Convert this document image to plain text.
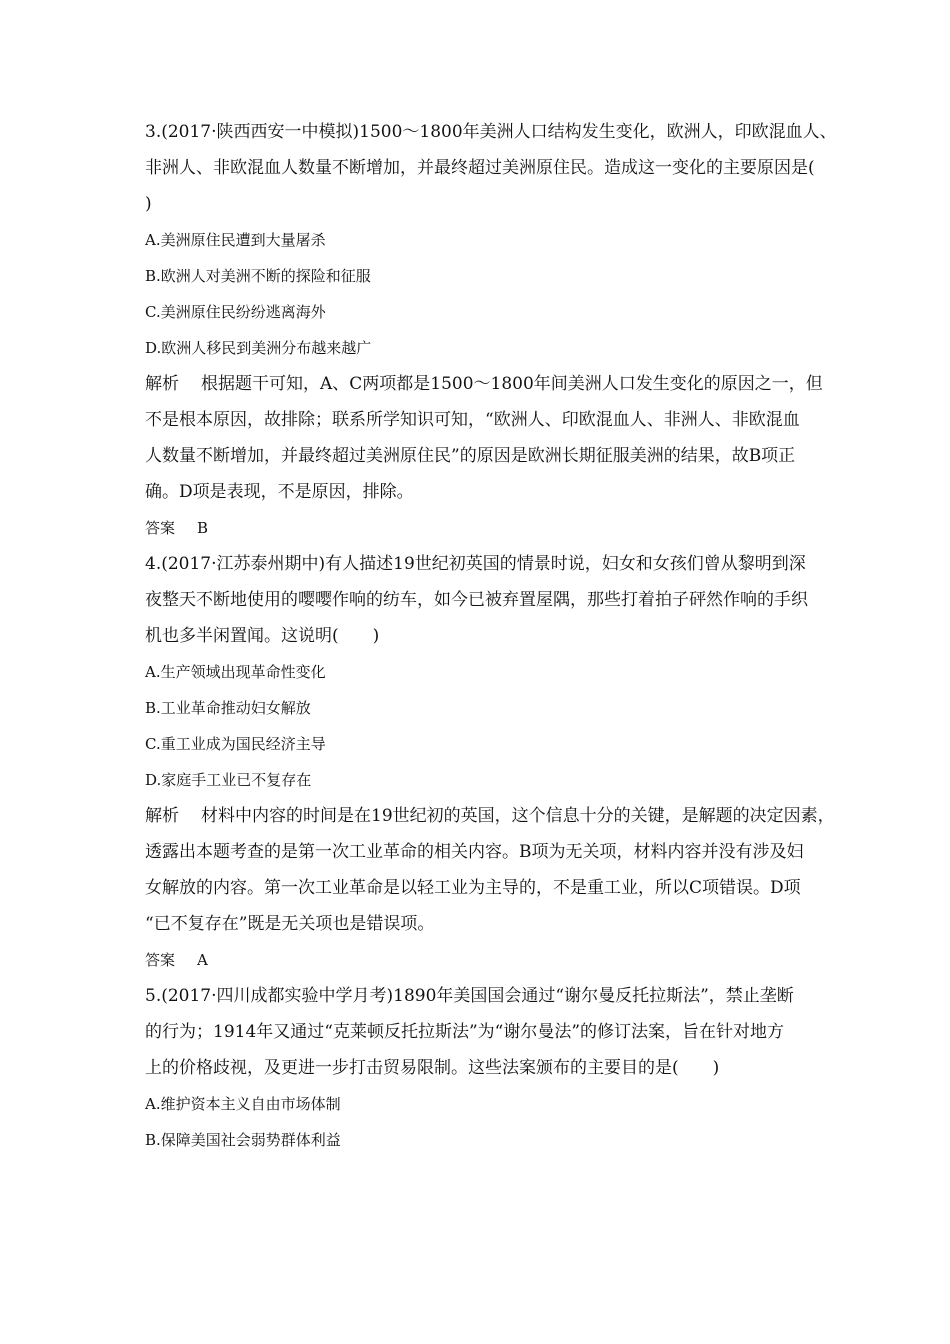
3.(2017·陕西西安一中模拟)1500～1800年美洲人口结构发生变化，欧洲人，印欧混血人、

非洲人、非欧混血人数量不断增加，并最终超过美洲原住民。造成这一变化的主要原因是(

)

A.美洲原住民遭到大量屠杀

B.欧洲人对美洲不断的探险和征服

C.美洲原住民纷纷逃离海外

D.欧洲人移民到美洲分布越来越广

解析 根据题干可知，A、C两项都是1500～1800年间美洲人口发生变化的原因之一，但

不是根本原因，故排除；联系所学知识可知，“欧洲人、印欧混血人、非洲人、非欧混血

人数量不断增加，并最终超过美洲原住民”的原因是欧洲长期征服美洲的结果，故B项正

确。D项是表现，不是原因，排除。

答案 B

4.(2017·江苏泰州期中)有人描述19世纪初英国的情景时说，妇女和女孩们曾从黎明到深

夜整天不断地使用的嘤嘤作响的纺车，如今已被弃置屋隅，那些打着拍子砰然作响的手织

机也多半闲置闻。这说明(　　)

A.生产领域出现革命性变化

B.工业革命推动妇女解放

C.重工业成为国民经济主导

D.家庭手工业已不复存在

解析 材料中内容的时间是在19世纪初的英国，这个信息十分的关键，是解题的决定因素，

透露出本题考查的是第一次工业革命的相关内容。B项为无关项，材料内容并没有涉及妇

女解放的内容。第一次工业革命是以轻工业为主导的，不是重工业，所以C项错误。D项

“已不复存在”既是无关项也是错误项。

答案 A

5.(2017·四川成都实验中学月考)1890年美国国会通过“谢尔曼反托拉斯法”，禁止垄断

的行为；1914年又通过“克莱顿反托拉斯法”为“谢尔曼法”的修订法案，旨在针对地方

上的价格歧视，及更进一步打击贸易限制。这些法案颁布的主要目的是(　　)

A.维护资本主义自由市场体制

B.保障美国社会弱势群体利益
